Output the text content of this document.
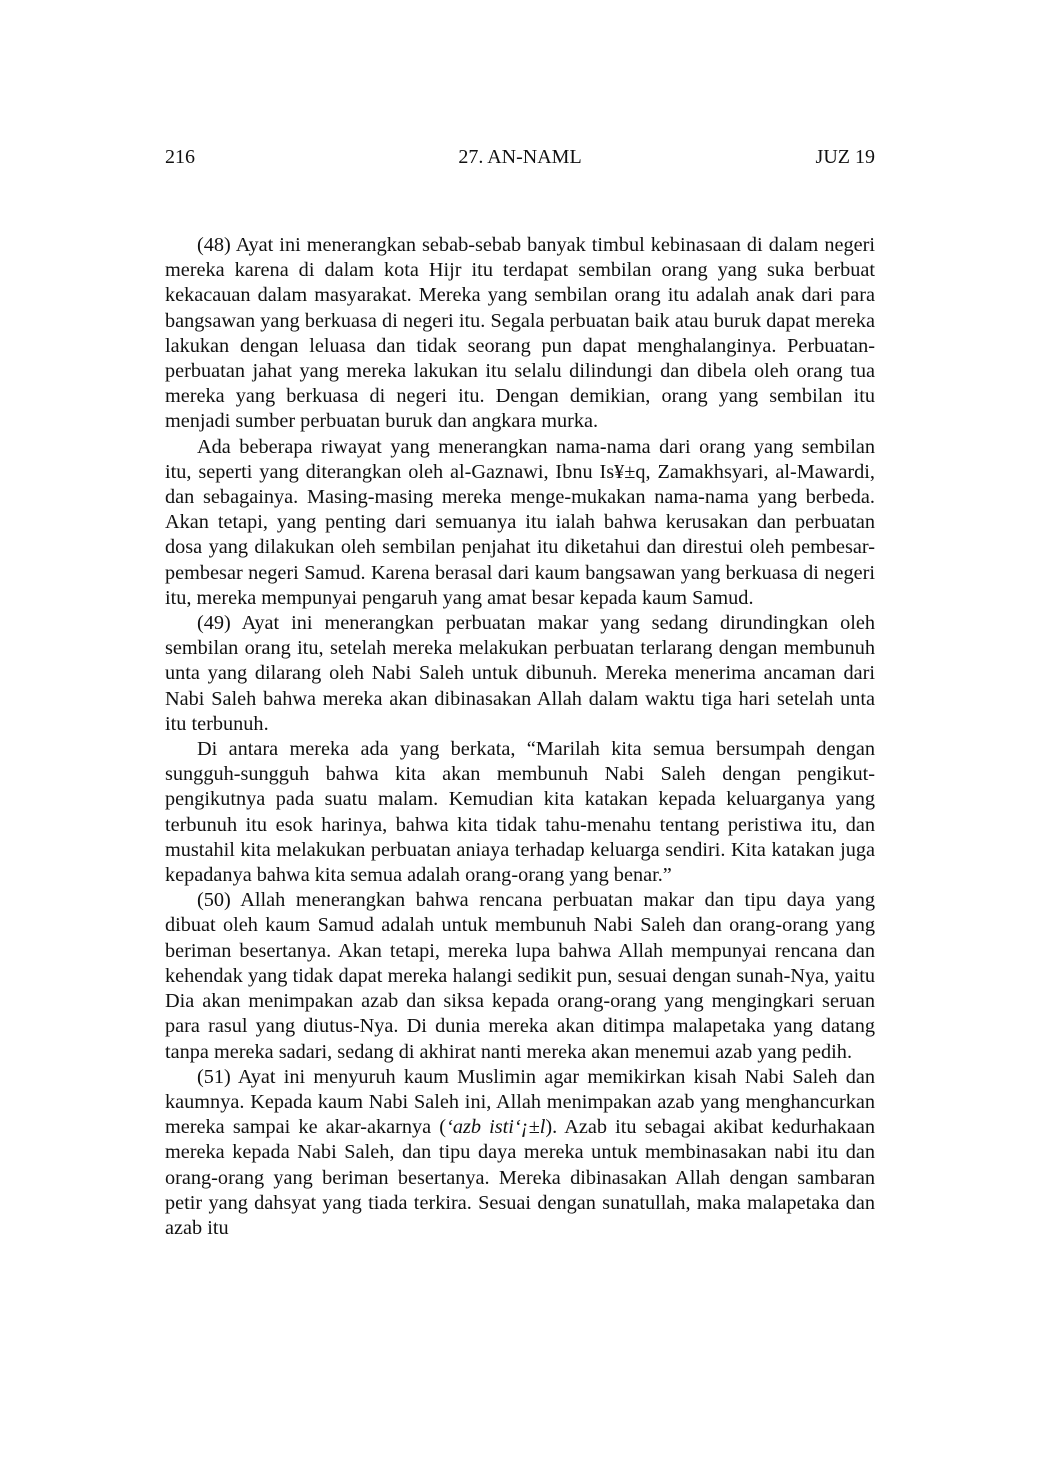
216	27. AN-NAML	JUZ 19

(48) Ayat ini menerangkan sebab-sebab banyak timbul kebinasaan di dalam negeri mereka karena di dalam kota Hijr itu terdapat sembilan orang yang suka berbuat kekacauan dalam masyarakat. Mereka yang sembilan orang itu adalah anak dari para bangsawan yang berkuasa di negeri itu. Segala perbuatan baik atau buruk dapat mereka lakukan dengan leluasa dan tidak seorang pun dapat menghalanginya. Perbuatan-perbuatan jahat yang mereka lakukan itu selalu dilindungi dan dibela oleh orang tua mereka yang berkuasa di negeri itu. Dengan demikian, orang yang sembilan itu menjadi sumber perbuatan buruk dan angkara murka.

Ada beberapa riwayat yang menerangkan nama-nama dari orang yang sembilan itu, seperti yang diterangkan oleh al-Gaznawi, Ibnu Is¥±q, Zamakhsyari, al-Mawardi, dan sebagainya. Masing-masing mereka menge-mukakan nama-nama yang berbeda. Akan tetapi, yang penting dari semuanya itu ialah bahwa kerusakan dan perbuatan dosa yang dilakukan oleh sembilan penjahat itu diketahui dan direstui oleh pembesar-pembesar negeri Samud. Karena berasal dari kaum bangsawan yang berkuasa di negeri itu, mereka mempunyai pengaruh yang amat besar kepada kaum Samud.

(49) Ayat ini menerangkan perbuatan makar yang sedang dirundingkan oleh sembilan orang itu, setelah mereka melakukan perbuatan terlarang dengan membunuh unta yang dilarang oleh Nabi Saleh untuk dibunuh. Mereka menerima ancaman dari Nabi Saleh bahwa mereka akan dibinasakan Allah dalam waktu tiga hari setelah unta itu terbunuh.

Di antara mereka ada yang berkata, “Marilah kita semua bersumpah dengan sungguh-sungguh bahwa kita akan membunuh Nabi Saleh dengan pengikut-pengikutnya pada suatu malam. Kemudian kita katakan kepada keluarganya yang terbunuh itu esok harinya, bahwa kita tidak tahu-menahu tentang peristiwa itu, dan mustahil kita melakukan perbuatan aniaya terhadap keluarga sendiri. Kita katakan juga kepadanya bahwa kita semua adalah orang-orang yang benar.”

(50) Allah menerangkan bahwa rencana perbuatan makar dan tipu daya yang dibuat oleh kaum Samud adalah untuk membunuh Nabi Saleh dan orang-orang yang beriman besertanya. Akan tetapi, mereka lupa bahwa Allah mempunyai rencana dan kehendak yang tidak dapat mereka halangi sedikit pun, sesuai dengan sunah-Nya, yaitu Dia akan menimpakan azab dan siksa kepada orang-orang yang mengingkari seruan para rasul yang diutus-Nya. Di dunia mereka akan ditimpa malapetaka yang datang tanpa mereka sadari, sedang di akhirat nanti mereka akan menemui azab yang pedih.

(51) Ayat ini menyuruh kaum Muslimin agar memikirkan kisah Nabi Saleh dan kaumnya. Kepada kaum Nabi Saleh ini, Allah menimpakan azab yang menghancurkan mereka sampai ke akar-akarnya (‘azb isti‘¡±l). Azab itu sebagai akibat kedurhakaan mereka kepada Nabi Saleh, dan tipu daya mereka untuk membinasakan nabi itu dan orang-orang yang beriman besertanya. Mereka dibinasakan Allah dengan sambaran petir yang dahsyat yang tiada terkira. Sesuai dengan sunatullah, maka malapetaka dan azab itu
